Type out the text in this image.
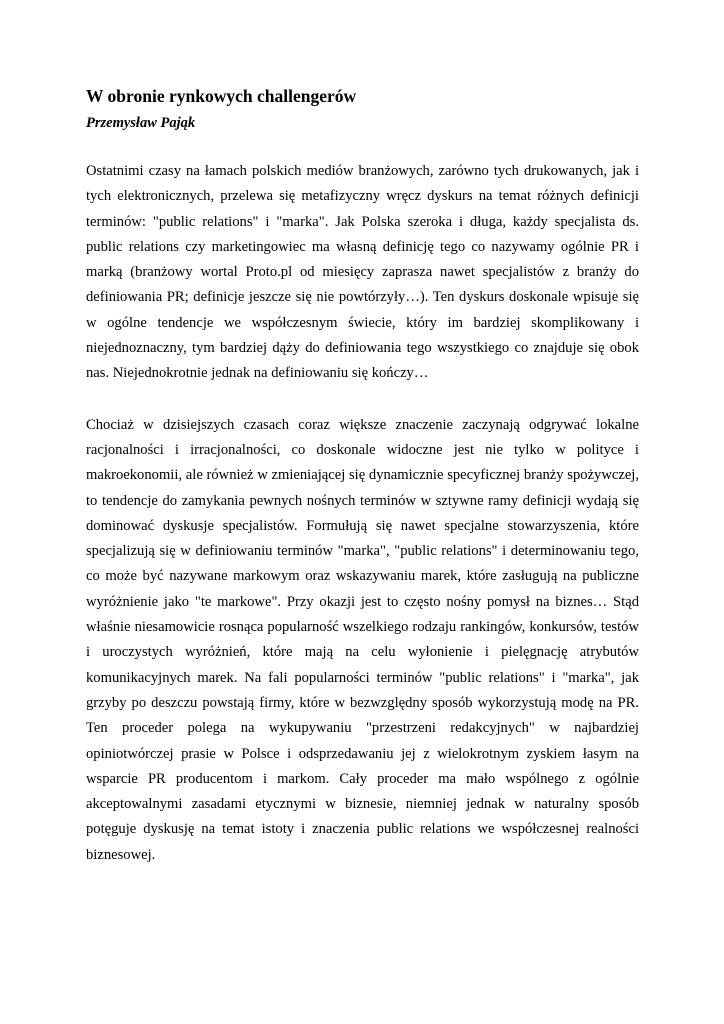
W obronie rynkowych challengerów
Przemysław Pająk

Ostatnimi czasy na łamach polskich mediów branżowych, zarówno tych drukowanych, jak i tych elektronicznych, przelewa się metafizyczny wręcz dyskurs na temat różnych definicji terminów: "public relations" i "marka". Jak Polska szeroka i długa, każdy specjalista ds. public relations czy marketingowiec ma własną definicję tego co nazywamy ogólnie PR i marką (branżowy wortal Proto.pl od miesięcy zaprasza nawet specjalistów z branży do definiowania PR; definicje jeszcze się nie powtórzyły…). Ten dyskurs doskonale wpisuje się w ogólne tendencje we współczesnym świecie, który im bardziej skomplikowany i niejednoznaczny, tym bardziej dąży do definiowania tego wszystkiego co znajduje się obok nas. Niejednokrotnie jednak na definiowaniu się kończy…

Chociaż w dzisiejszych czasach coraz większe znaczenie zaczynają odgrywać lokalne racjonalności i irracjonalności, co doskonale widoczne jest nie tylko w polityce i makroekonomii, ale również w zmieniającej się dynamicznie specyficznej branży spożywczej, to tendencje do zamykania pewnych nośnych terminów w sztywne ramy definicji wydają się dominować dyskusje specjalistów. Formułują się nawet specjalne stowarzyszenia, które specjalizują się w definiowaniu terminów "marka", "public relations" i determinowaniu tego, co może być nazywane markowym oraz wskazywaniu marek, które zasługują na publiczne wyróżnienie jako "te markowe". Przy okazji jest to często nośny pomysł na biznes… Stąd właśnie niesamowicie rosnąca popularność wszelkiego rodzaju rankingów, konkursów, testów i uroczystych wyróżnień, które mają na celu wyłonienie i pielęgnację atrybutów komunikacyjnych marek. Na fali popularności terminów "public relations" i "marka", jak grzyby po deszczu powstają firmy, które w bezwzględny sposób wykorzystują modę na PR. Ten proceder polega na wykupywaniu "przestrzeni redakcyjnych" w najbardziej opiniotwórczej prasie w Polsce i odsprzedawaniu jej z wielokrotnym zyskiem łasym na wsparcie PR producentom i markom. Cały proceder ma mało wspólnego z ogólnie akceptowalnymi zasadami etycznymi w biznesie, niemniej jednak w naturalny sposób potęguje dyskusję na temat istoty i znaczenia public relations we współczesnej realności biznesowej.
